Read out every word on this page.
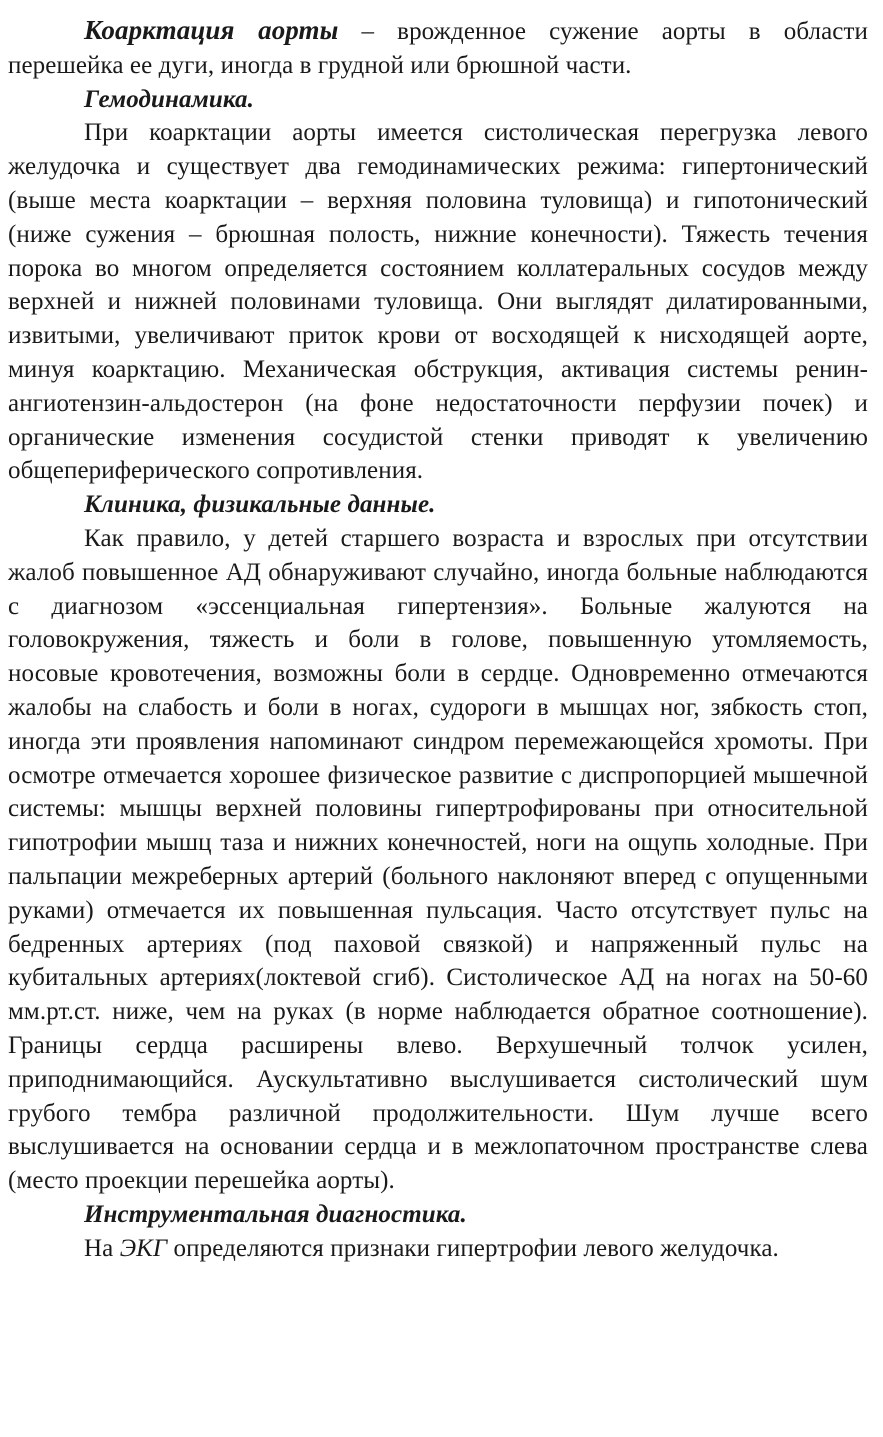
Коарктация аорты – врожденное сужение аорты в области перешейка ее дуги, иногда в грудной или брюшной части.

Гемодинамика.

При коарктации аорты имеется систолическая перегрузка левого желудочка и существует два гемодинамических режима: гипертонический (выше места коарктации – верхняя половина туловища) и гипотонический (ниже сужения – брюшная полость, нижние конечности). Тяжесть течения порока во многом определяется состоянием коллатеральных сосудов между верхней и нижней половинами туловища. Они выглядят дилатированными, извитыми, увеличивают приток крови от восходящей к нисходящей аорте, минуя коарктацию. Механическая обструкция, активация системы ренин-ангиотензин-альдостерон (на фоне недостаточности перфузии почек) и органические изменения сосудистой стенки приводят к увеличению общепериферического сопротивления.

Клиника, физикальные данные.

Как правило, у детей старшего возраста и взрослых при отсутствии жалоб повышенное АД обнаруживают случайно, иногда больные наблюдаются с диагнозом «эссенциальная гипертензия». Больные жалуются на головокружения, тяжесть и боли в голове, повышенную утомляемость, носовые кровотечения, возможны боли в сердце. Одновременно отмечаются жалобы на слабость и боли в ногах, судороги в мышцах ног, зябкость стоп, иногда эти проявления напоминают синдром перемежающейся хромоты. При осмотре отмечается хорошее физическое развитие с диспропорцией мышечной системы: мышцы верхней половины гипертрофированы при относительной гипотрофии мышц таза и нижних конечностей, ноги на ощупь холодные. При пальпации межреберных артерий (больного наклоняют вперед с опущенными руками) отмечается их повышенная пульсация. Часто отсутствует пульс на бедренных артериях (под паховой связкой) и напряженный пульс на кубитальных артериях(локтевой сгиб). Систолическое АД на ногах на 50-60 мм.рт.ст. ниже, чем на руках (в норме наблюдается обратное соотношение). Границы сердца расширены влево. Верхушечный толчок усилен, приподнимающийся. Аускультативно выслушивается систолический шум грубого тембра различной продолжительности. Шум лучше всего выслушивается на основании сердца и в межлопаточном пространстве слева (место проекции перешейка аорты).

Инструментальная диагностика.

На ЭКГ определяются признаки гипертрофии левого желудочка.
